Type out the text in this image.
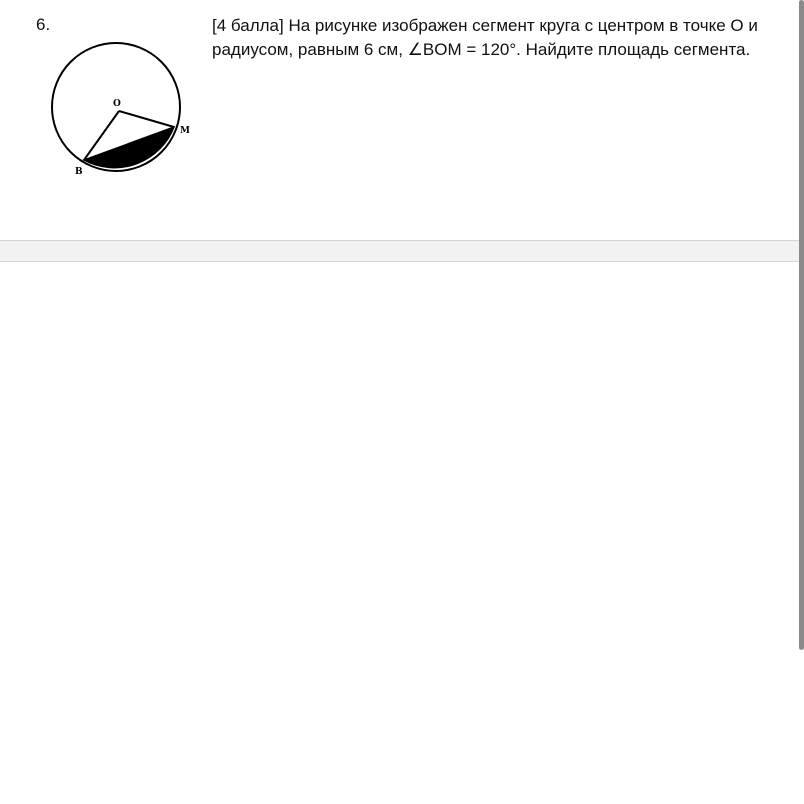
6.	[4 балла] На рисунке изображен сегмент круга с центром в точке О и радиусом, равным 6 см, ∠BOM = 120°. Найдите площадь сегмента.

O
M
B
